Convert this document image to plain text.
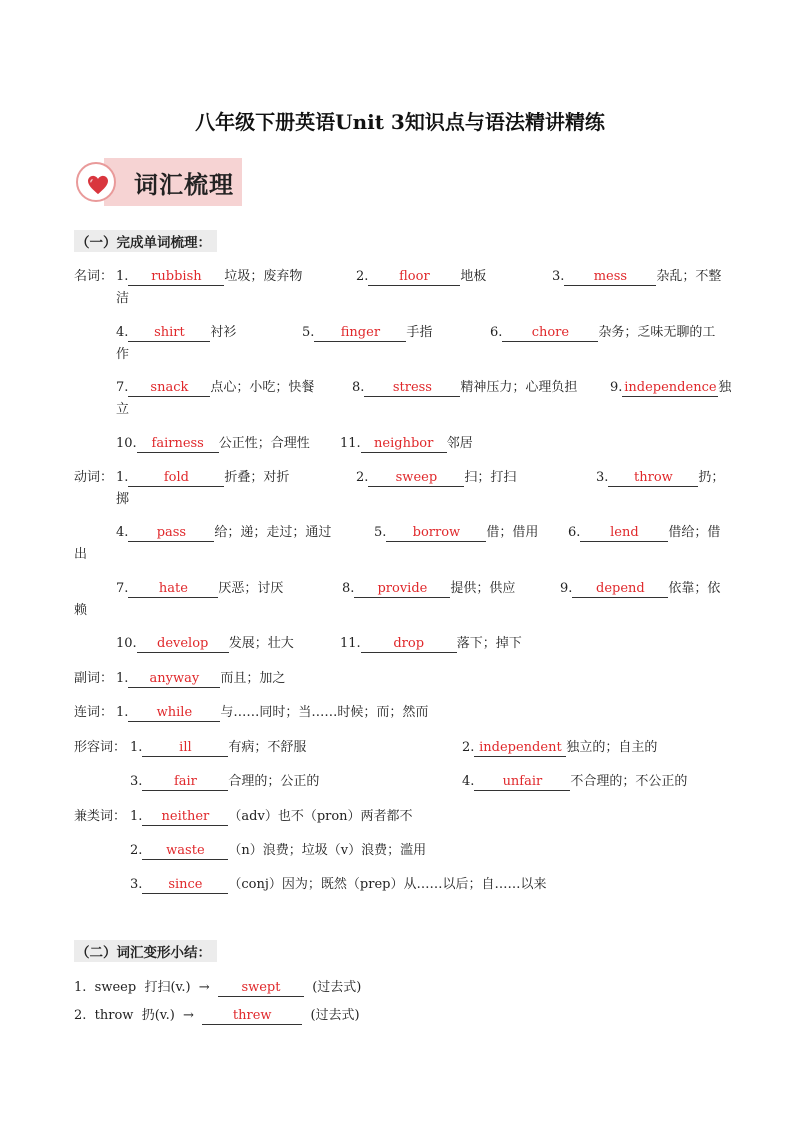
八年级下册英语Unit 3知识点与语法精讲精练
词汇梳理
（一）完成单词梳理：
名词： 1. rubbish 垃圾；废弃物	2. floor 地板	3. mess 杂乱；不整
洁
4. shirt 衬衫	5. finger 手指	6. chore 杂务；乏味无聊的工
作
7. snack 点心；小吃；快餐	8. stress 精神压力；心理负担	9. independence 独
立
10. fairness 公正性；合理性 11. neighbor 邻居
动词： 1.	fold	折叠；对折	2. sweep 扫；打扫	3. throw 扔；
掷
4. pass 给；递；走过；通过	5. borrow 借；借用 6. lend 借给；借
出
7. hate 厌恶；讨厌	8. provide 提供；供应	9. depend 依靠；依
赖
10. develop 发展；壮大	11.	drop	落下；掉下
副词： 1. anyway 而且；加之
连词： 1. while 与……同时；当……时候；而；然而
形容词： 1.	ill	有病；不舒服	2. independent 独立的；自主的
3. fair 合理的；公正的	4. unfair 不合理的；不公正的
兼类词： 1. neither （adv）也不（pron）两者都不
2. waste （n）浪费；垃圾（v）浪费；滥用
3. since （conj）因为；既然（prep）从……以后；自……以来
（二）词汇变形小结：
1. sweep 打扫(v.) → swept (过去式)
2. throw 扔(v.) →	threw	(过去式)
